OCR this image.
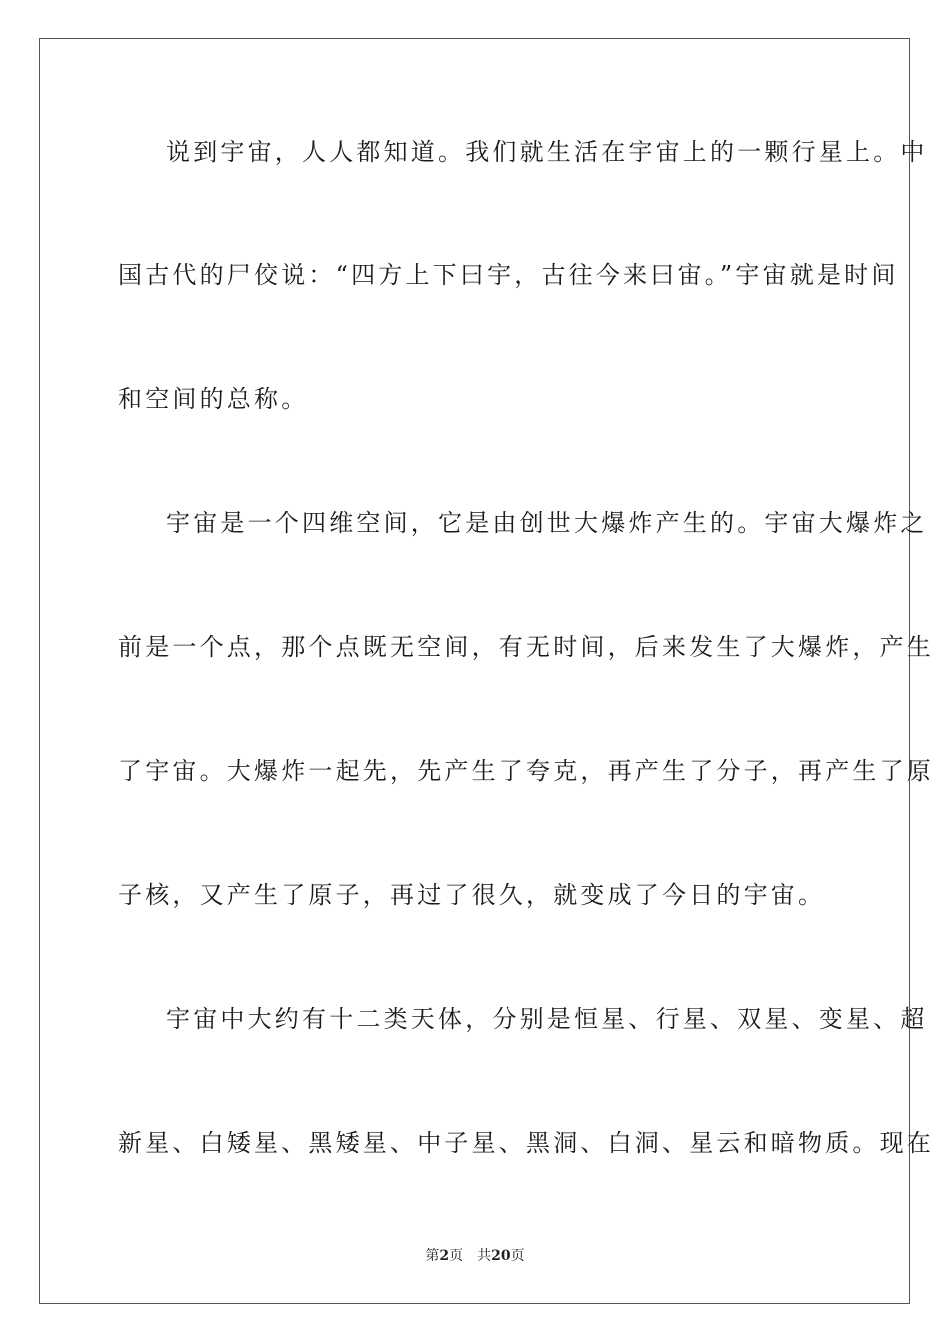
说到宇宙，人人都知道。我们就生活在宇宙上的一颗行星上。中
国古代的尸佼说：“四方上下曰宇，古往今来曰宙。”宇宙就是时间
和空间的总称。
宇宙是一个四维空间，它是由创世大爆炸产生的。宇宙大爆炸之
前是一个点，那个点既无空间，有无时间，后来发生了大爆炸，产生
了宇宙。大爆炸一起先，先产生了夸克，再产生了分子，再产生了原
子核，又产生了原子，再过了很久，就变成了今日的宇宙。
宇宙中大约有十二类天体，分别是恒星、行星、双星、变星、超
新星、白矮星、黑矮星、中子星、黑洞、白洞、星云和暗物质。现在
第2页 共20页
